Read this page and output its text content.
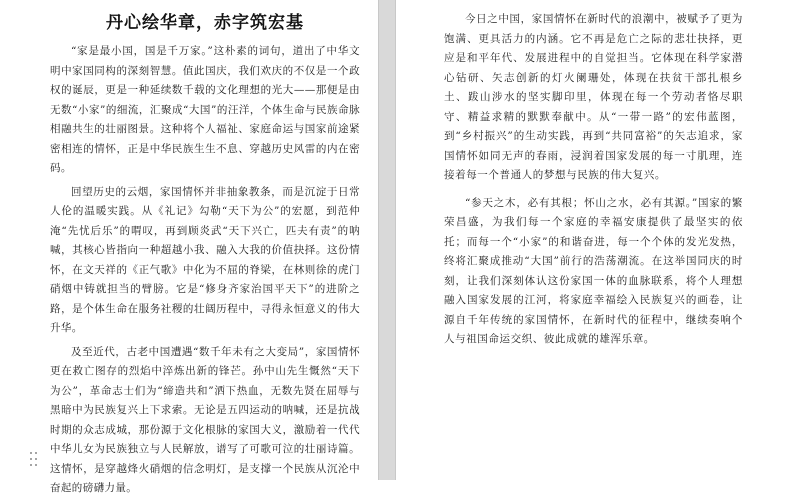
丹心绘华章，赤字筑宏基

“家是最小国，国是千万家。”这朴素的词句，道出了中华文明中家国同构的深刻智慧。值此国庆，我们欢庆的不仅是一个政权的诞辰，更是一种延续数千载的文化理想的光大——那便是由无数“小家”的细流，汇聚成“大国”的汪洋，个体生命与民族命脉相融共生的壮丽图景。这种将个人福祉、家庭命运与国家前途紧密相连的情怀，正是中华民族生生不息、穿越历史风雷的内在密码。

回望历史的云烟，家国情怀并非抽象教条，而是沉淀于日常人伦的温暖实践。从《礼记》勾勒“天下为公”的宏愿，到范仲淹“先忧后乐”的喟叹，再到顾炎武“天下兴亡，匹夫有责”的呐喊，其核心皆指向一种超越小我、融入大我的价值抉择。这份情怀，在文天祥的《正气歌》中化为不屈的脊梁，在林则徐的虎门硝烟中铸就担当的臂膀。它是“修身齐家治国平天下”的进阶之路，是个体生命在服务社稷的壮阔历程中，寻得永恒意义的伟大升华。

及至近代，古老中国遭遇“数千年未有之大变局”，家国情怀更在救亡图存的烈焰中淬炼出新的锋芒。孙中山先生慨然“天下为公”，革命志士们为“缔造共和”洒下热血，无数先贤在屈辱与黑暗中为民族复兴上下求索。无论是五四运动的呐喊，还是抗战时期的众志成城，那份源于文化根脉的家国大义，激励着一代代中华儿女为民族独立与人民解放，谱写了可歌可泣的壮丽诗篇。这情怀，是穿越烽火硝烟的信念明灯，是支撑一个民族从沉沦中奋起的磅礴力量。

今日之中国，家国情怀在新时代的浪潮中，被赋予了更为饱满、更具活力的内涵。它不再是危亡之际的悲壮抉择，更应是和平年代、发展进程中的自觉担当。它体现在科学家潜心钻研、矢志创新的灯火阑珊处，体现在扶贫干部扎根乡土、跋山涉水的坚实脚印里，体现在每一个劳动者恪尽职守、精益求精的默默奉献中。从“一带一路”的宏伟蓝图，到“乡村振兴”的生动实践，再到“共同富裕”的矢志追求，家国情怀如同无声的春雨，浸润着国家发展的每一寸肌理，连接着每一个普通人的梦想与民族的伟大复兴。

“参天之木，必有其根；怀山之水，必有其源。”国家的繁荣昌盛，为我们每一个家庭的幸福安康提供了最坚实的依托；而每一个“小家”的和谐奋进，每一个个体的发光发热，终将汇聚成推动“大国”前行的浩荡潮流。在这举国同庆的时刻，让我们深刻体认这份家国一体的血脉联系，将个人理想融入国家发展的江河，将家庭幸福绘入民族复兴的画卷，让源自千年传统的家国情怀，在新时代的征程中，继续奏响个人与祖国命运交织、彼此成就的雄浑乐章。
